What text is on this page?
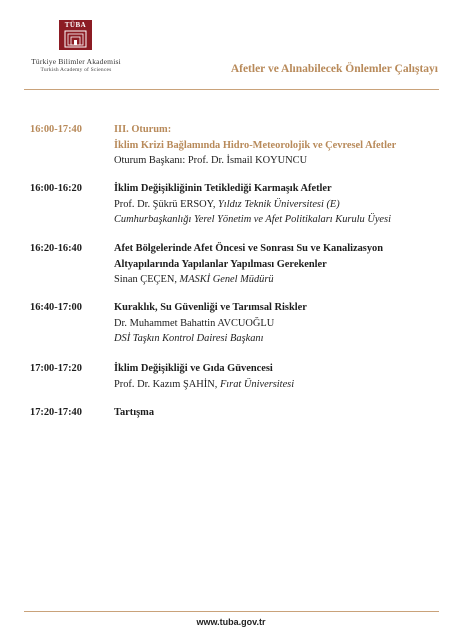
TÜBA
Türkiye Bilimler Akademisi
Turkish Academy of Sciences	Afetler ve Alınabilecek Önlemler Çalıştayı
16:00-17:40	III. Oturum:
İklim Krizi Bağlamında Hidro-Meteorolojik ve Çevresel Afetler
Oturum Başkanı: Prof. Dr. İsmail KOYUNCU
16:00-16:20	İklim Değişikliğinin Tetiklediği Karmaşık Afetler
Prof. Dr. Şükrü ERSOY, Yıldız Teknik Üniversitesi (E)
Cumhurbaşkanlığı Yerel Yönetim ve Afet Politikaları Kurulu Üyesi
16:20-16:40	Afet Bölgelerinde Afet Öncesi ve Sonrası Su ve Kanalizasyon
Altyapılarında Yapılanlar Yapılması Gerekenler
Sinan ÇEÇEN, MASKİ Genel Müdürü
16:40-17:00	Kuraklık, Su Güvenliği ve Tarımsal Riskler
Dr. Muhammet Bahattin AVCUOĞLU
DSİ Taşkın Kontrol Dairesi Başkanı
17:00-17:20	İklim Değişikliği ve Gıda Güvencesi
Prof. Dr. Kazım ŞAHİN, Fırat Üniversitesi
17:20-17:40	Tartışma
www.tuba.gov.tr
